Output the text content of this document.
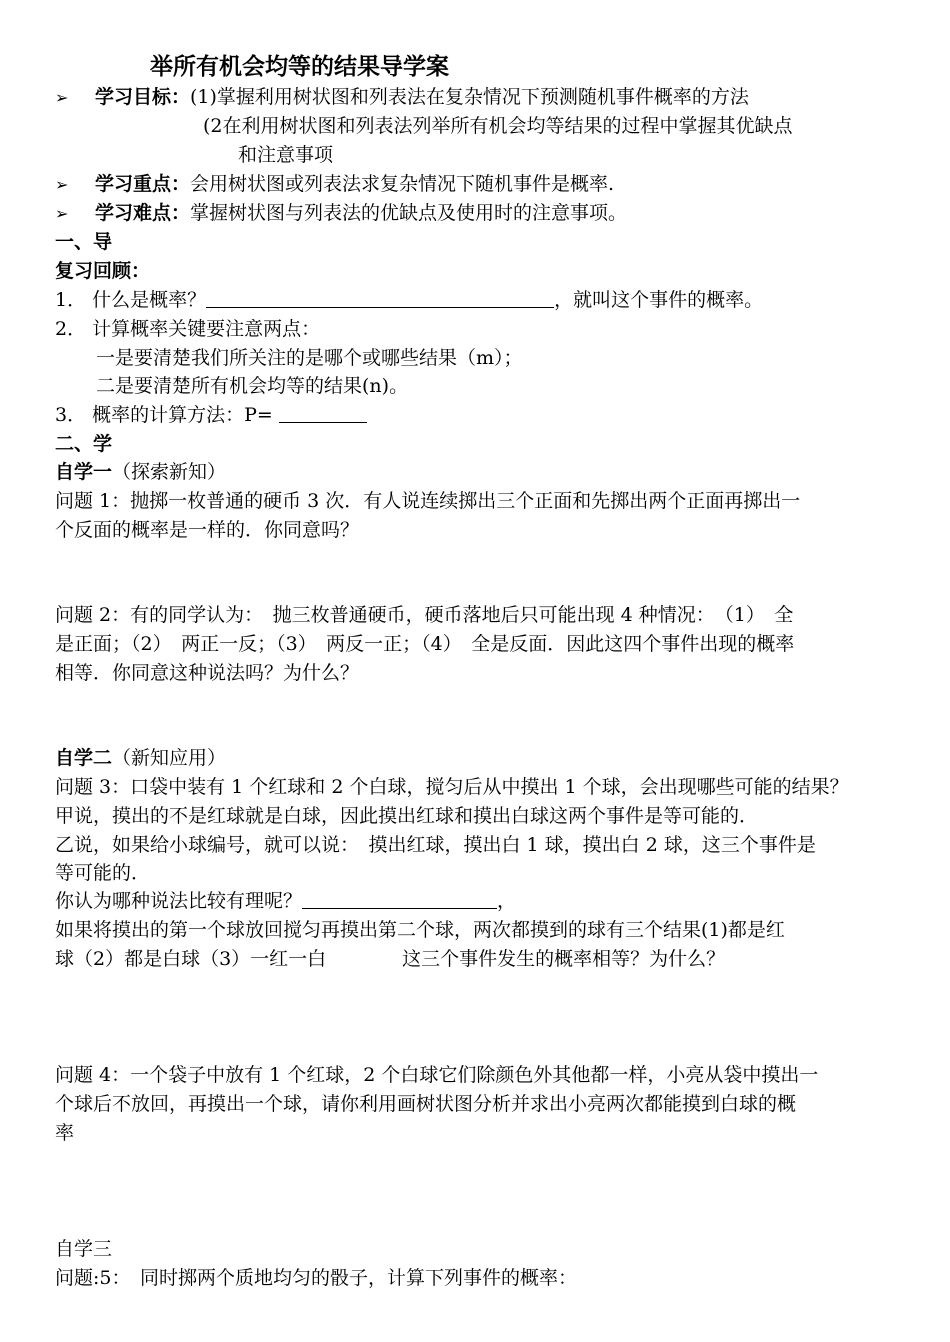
举所有机会均等的结果导学案
➢ 学习目标：(1)掌握利用树状图和列表法在复杂情况下预测随机事件概率的方法
(2在利用树状图和列表法列举所有机会均等结果的过程中掌握其优缺点
和注意事项
➢ 学习重点：会用树状图或列表法求复杂情况下随机事件是概率.
➢ 学习难点：掌握树状图与列表法的优缺点及使用时的注意事项。
一、导
复习回顾：
1． 什么是概率？	，就叫这个事件的概率。
2． 计算概率关键要注意两点：
一是要清楚我们所关注的是哪个或哪些结果（m）；
二是要清楚所有机会均等的结果(n)。
3． 概率的计算方法：P=
二、学
自学一（探索新知）
问题 1：抛掷一枚普通的硬币 3 次．有人说连续掷出三个正面和先掷出两个正面再掷出一
个反面的概率是一样的．你同意吗？
问题 2：有的同学认为：　抛三枚普通硬币，硬币落地后只可能出现 4 种情况：　（1）　全
是正面；（2）　两正一反；（3）　两反一正；（4）　全是反面．因此这四个事件出现的概率
相等．你同意这种说法吗？为什么？
自学二（新知应用）
问题 3：口袋中装有 1 个红球和 2 个白球，搅匀后从中摸出 1 个球，会出现哪些可能的结果？
甲说，摸出的不是红球就是白球，因此摸出红球和摸出白球这两个事件是等可能的．
乙说，如果给小球编号，就可以说：　摸出红球，摸出白 1 球，摸出白 2 球，这三个事件是
等可能的．
你认为哪种说法比较有理呢？	，
如果将摸出的第一个球放回搅匀再摸出第二个球，两次都摸到的球有三个结果(1)都是红
球（2）都是白球（3）一红一白　　　　这三个事件发生的概率相等？为什么？
问题 4：一个袋子中放有 1 个红球，2 个白球它们除颜色外其他都一样，小亮从袋中摸出一
个球后不放回，再摸出一个球，请你利用画树状图分析并求出小亮两次都能摸到白球的概
率
自学三
问题:5：　同时掷两个质地均匀的骰子，计算下列事件的概率：
